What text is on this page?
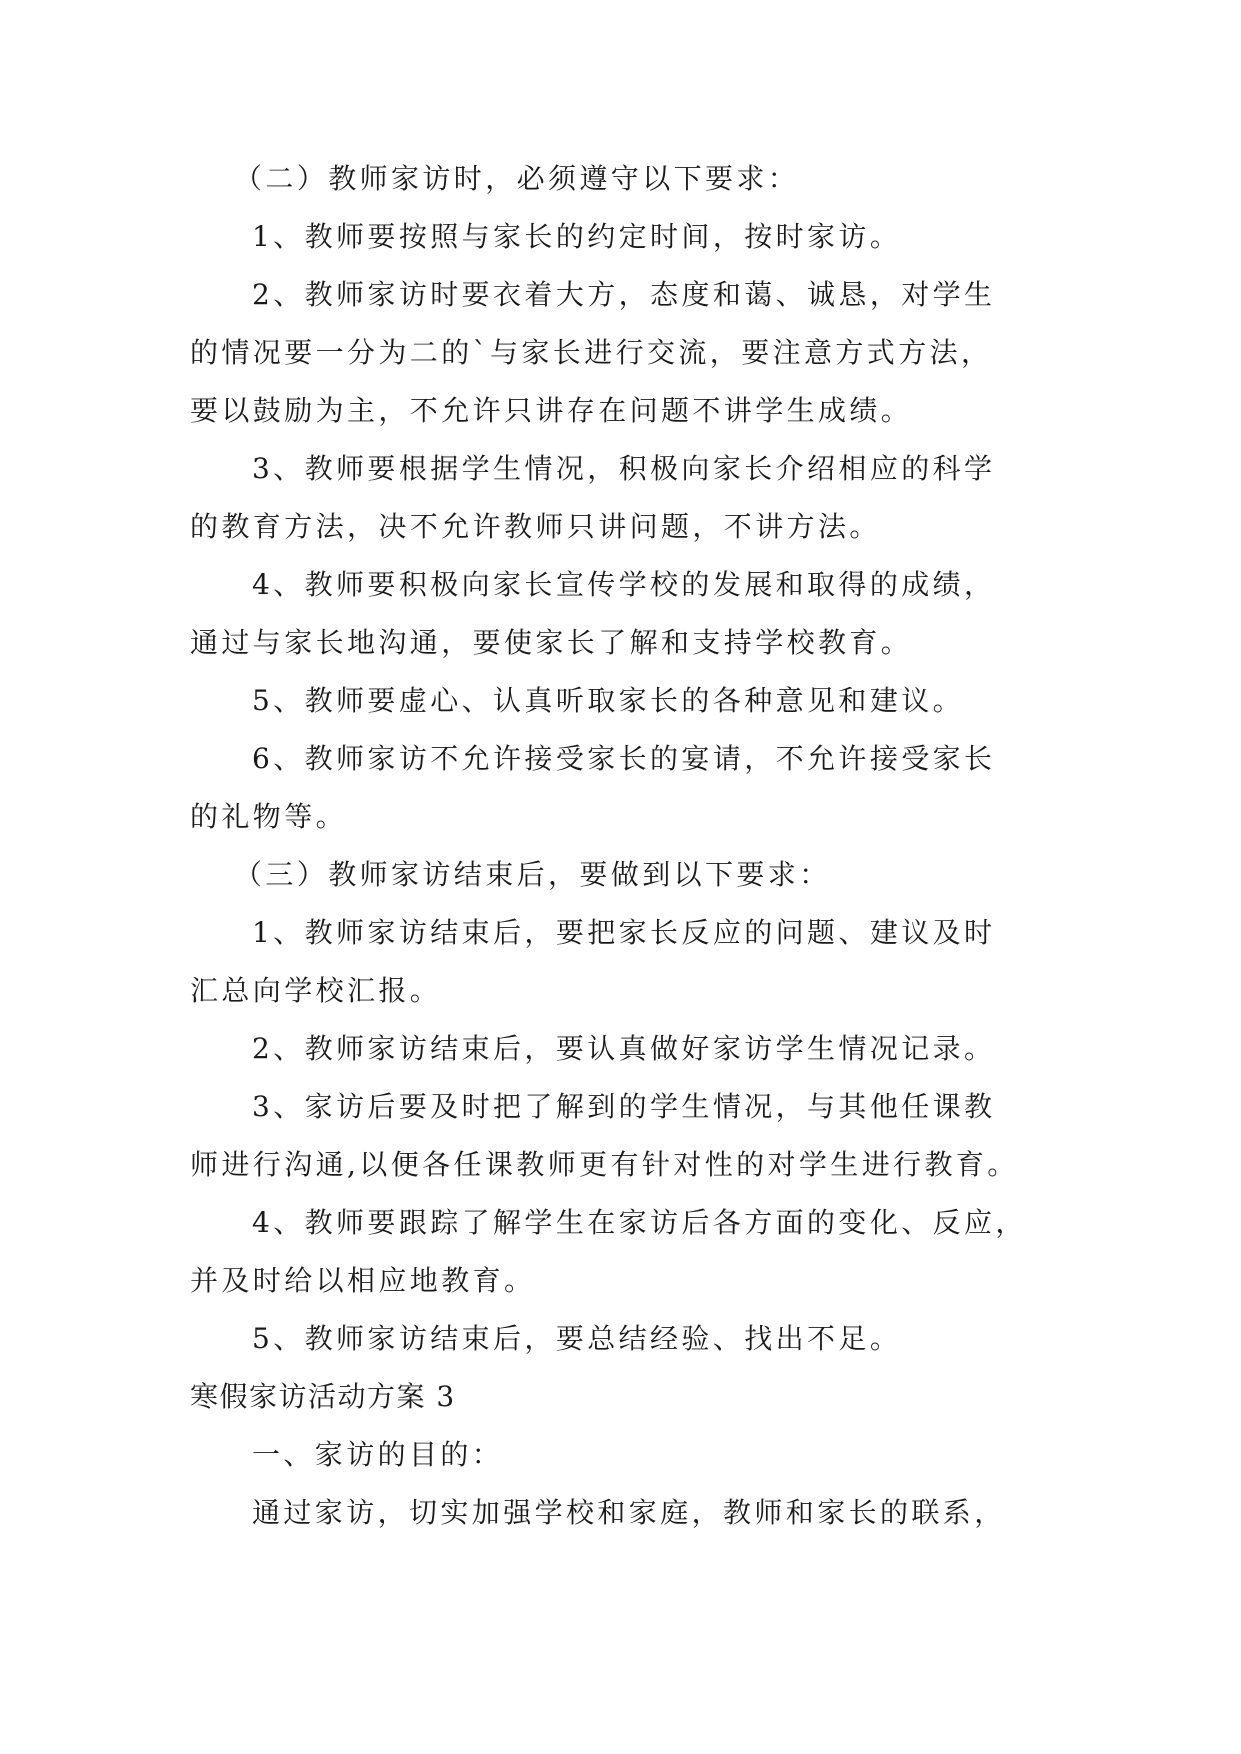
（二）教师家访时，必须遵守以下要求：
1、教师要按照与家长的约定时间，按时家访。
2、教师家访时要衣着大方，态度和蔼、诚恳，对学生
的情况要一分为二的`与家长进行交流，要注意方式方法，
要以鼓励为主，不允许只讲存在问题不讲学生成绩。
3、教师要根据学生情况，积极向家长介绍相应的科学
的教育方法，决不允许教师只讲问题，不讲方法。
4、教师要积极向家长宣传学校的发展和取得的成绩，
通过与家长地沟通，要使家长了解和支持学校教育。
5、教师要虚心、认真听取家长的各种意见和建议。
6、教师家访不允许接受家长的宴请，不允许接受家长
的礼物等。
（三）教师家访结束后，要做到以下要求：
1、教师家访结束后，要把家长反应的问题、建议及时
汇总向学校汇报。
2、教师家访结束后，要认真做好家访学生情况记录。
3、家访后要及时把了解到的学生情况，与其他任课教
师进行沟通,以便各任课教师更有针对性的对学生进行教育。
4、教师要跟踪了解学生在家访后各方面的变化、反应，
并及时给以相应地教育。
5、教师家访结束后，要总结经验、找出不足。
寒假家访活动方案 3
一、家访的目的：
通过家访，切实加强学校和家庭，教师和家长的联系，
